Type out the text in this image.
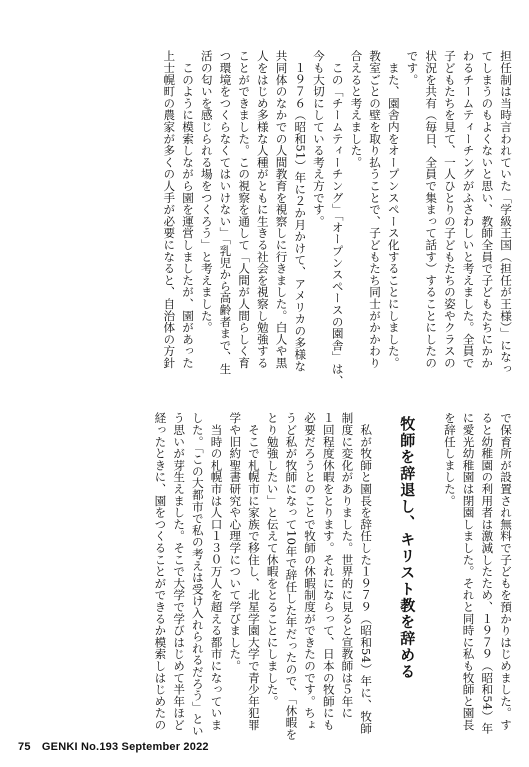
担任制は当時言われていた「学級王国（担任が王様）」になっ
てしまうのもよくないと思い、教師全員で子どもたちにかか
わるチームティーチングがふさわしいと考えました。全員で
子どもたちを見て、一人ひとりの子どもたちの姿やクラスの
状況を共有（毎日、全員で集まって話す）することにしたの
です。
　また、園舎内をオープンスペース化することにしました。
教室ごとの壁を取り払うことで、子どもたち同士がかかわり
合えると考えました。
　この「チームティーチング」「オープンスペースの園舎」は、
今も大切にしている考え方です。
　１９７６（昭和51）年に２か月かけて、アメリカの多様な
共同体のなかでの人間教育を視察しに行きました。白人や黒
人をはじめ多様な人種がともに生きる社会を視察し勉強する
ことができました。この視察を通して「人間が人間らしく育
つ環境をつくらなくてはいけない」「乳児から高齢者まで、生
活の匂いを感じられる場をつくろう」と考えました。
　このように模索しながら園を運営しましたが、園があった
上士幌町の農家が多くの人手が必要になると、自治体の方針
で保育所が設置され無料で子どもを預かりはじめました。す
ると幼稚園の利用者は激減したため、１９７９（昭和54）年
に愛光幼稚園は閉園しました。それと同時に私も牧師と園長
を辞任しました。
牧師を辞退し、キリスト教を辞める
　私が牧師と園長を辞任した１９７９（昭和54）年に、牧師
制度に変化がありました。世界的に見ると宣教師は５年に
１回程度休暇をとります。それにならって、日本の牧師にも
必要だろうとのことで牧師の休暇制度ができたのです。ちょ
うど私が牧師になって10年で辞任した年だったので、「休暇を
とり勉強したい」と伝えて休暇をとることにしました。
　そこで札幌市に家族で移住し、北星学園大学で青少年犯罪
学や旧約聖書研究や心理学について学びました。
　当時の札幌市は人口１３０万人を超える都市になっていま
した。「この大都市で私の考えは受け入れられるだろう」とい
う思いが芽生えました。そこで大学で学びはじめて半年ほど
経ったときに、園をつくることができるか模索しはじめたの
75 GENKI No.193 September 2022
